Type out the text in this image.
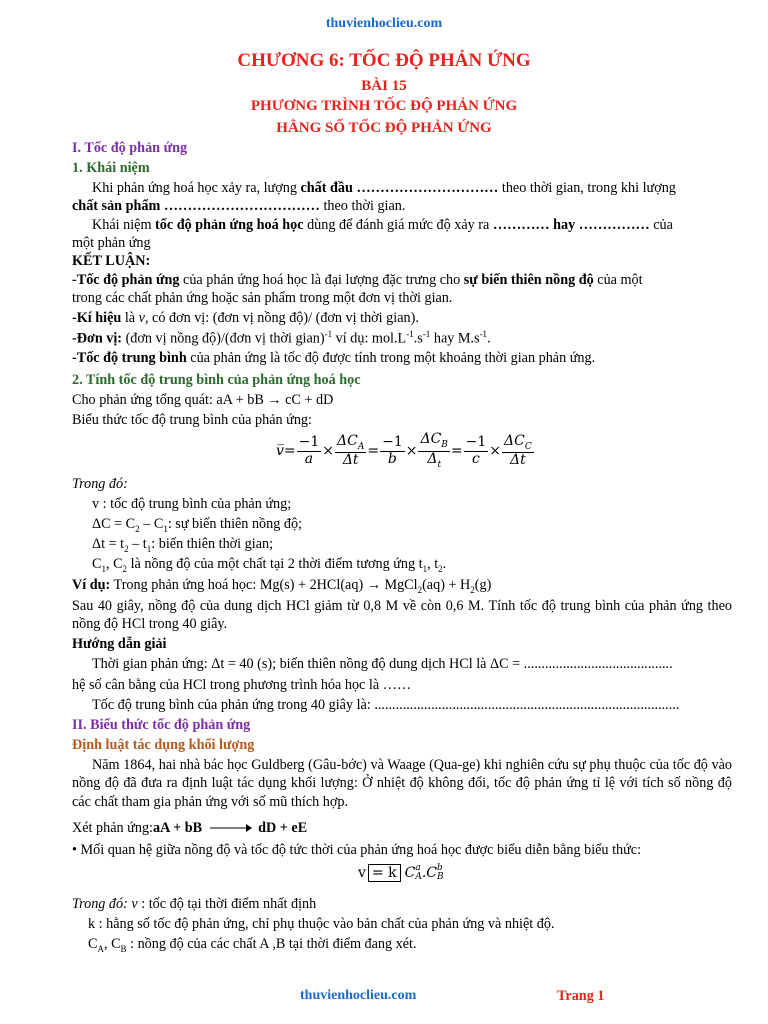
thuvienhoclieu.com
CHƯƠNG 6: TỐC ĐỘ PHẢN ỨNG
BÀI 15
PHƯƠNG TRÌNH TỐC ĐỘ PHẢN ỨNG
HẰNG SỐ TỐC ĐỘ PHẢN ỨNG
I. Tốc độ phản ứng
1. Khái niệm
Khi phản ứng hoá học xảy ra, lượng chất đầu ………………………… theo thời gian, trong khi lượng
chất sản phẩm …………………………… theo thời gian.
Khái niệm tốc độ phản ứng hoá học dùng để đánh giá mức độ xảy ra ………… hay …………… của
một phản ứng
KẾT LUẬN:
-Tốc độ phản ứng của phản ứng hoá học là đại lượng đặc trưng cho sự biến thiên nồng độ của một
trong các chất phản ứng hoặc sản phẩm trong một đơn vị thời gian.
-Kí hiệu là v, có đơn vị: (đơn vị nồng độ)/ (đơn vị thời gian).
-Đơn vị: (đơn vị nồng độ)/(đơn vị thời gian)$^{-1}$ ví dụ: $mol.L^{-1}.s^{-1}$ hay $M.s^{-1}$.
-Tốc độ trung bình của phản ứng là tốc độ được tính trong một khoảng thời gian phản ứng.
2. Tính tốc độ trung bình của phản ứng hoá học
Cho phản ứng tổng quát: aA + bB → cC + dD
Biểu thức tốc độ trung bình của phản ứng:
v̅ = $\frac{-1}{a} \times \frac{\Delta C_A}{\Delta t} = \frac{-1}{b} \times \frac{\Delta C_B}{\Delta_t} = \frac{-1}{c} \times \frac{\Delta C_C}{\Delta t}$
Trong đó:
v : tốc độ trung bình của phản ứng;
$\Delta C = C_2 - C_1$: sự biến thiên nồng độ;
$\Delta t = t_2 - t_1$: biến thiên thời gian;
$C_1$, $C_2$ là nồng độ của một chất tại 2 thời điểm tương ứng $t_1$, $t_2$.
Ví dụ: Trong phản ứng hoá học: Mg(s) + 2HCl(aq) → MgCl$_2$(aq) + $H_2(g)$
Sau 40 giây, nồng độ của dung dịch HCl giảm từ 0,8 M về còn 0,6 M. Tính tốc độ trung bình của phản ứng theo nồng độ HCl trong 40 giây.
Hướng dẫn giải
Thời gian phản ứng: Δt = 40 (s); biến thiên nồng độ dung dịch HCl là ΔC = ..........................................
hệ số cân bằng của HCl trong phương trình hóa học là ……
Tốc độ trung bình của phản ứng trong 40 giây là: ......................................................................................
II. Biểu thức tốc độ phản ứng
Định luật tác dụng khối lượng
Năm 1864, hai nhà bác học Guldberg (Gâu-bớc) và Waage (Qua-ge) khi nghiên cứu sự phụ thuộc của tốc độ vào nồng độ đã đưa ra định luật tác dụng khối lượng: Ở nhiệt độ không đổi, tốc độ phản ứng tỉ lệ với tích số nồng độ các chất tham gia phản ứng với số mũ thích hợp.
Xét phản ứng: aA + bB	dD + eE
• Mối quan hệ giữa nồng độ và tốc độ tức thời của phản ứng hoá học được biểu diễn bằng biểu thức:
v = k C a
A . C b
B
Trong đó: v : tốc độ tại thời điểm nhất định
k : hằng số tốc độ phản ứng, chỉ phụ thuộc vào bản chất của phản ứng và nhiệt độ.
$C_A$, $C_B$ : nồng độ của các chất A ,B tại thời điểm đang xét.
thuvienhoclieu.com	Trang 1
